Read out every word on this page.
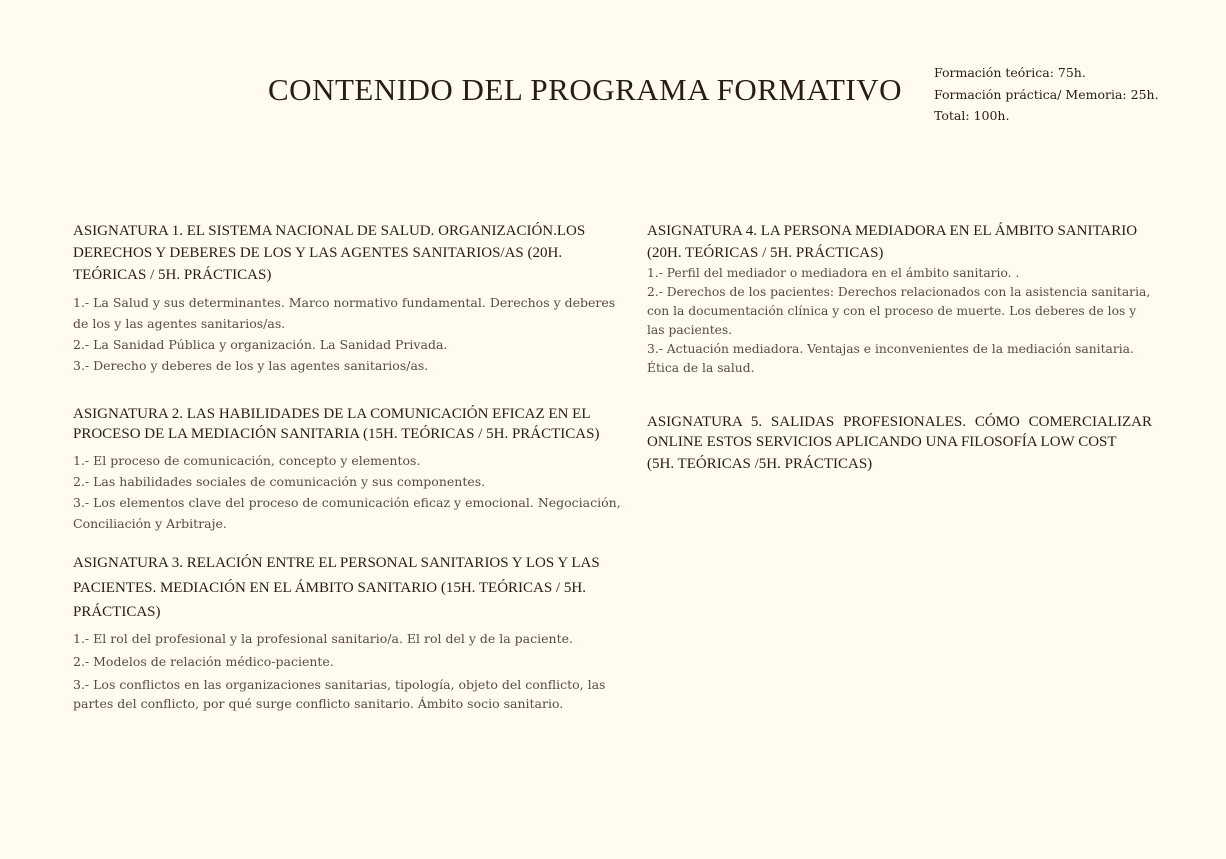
CONTENIDO DEL PROGRAMA FORMATIVO	Formación teórica: 75h.
Formación práctica/ Memoria: 25h.
Total: 100h.

ASIGNATURA 1. EL SISTEMA NACIONAL DE SALUD. ORGANIZACIÓN.LOS DERECHOS Y DEBERES DE LOS Y LAS AGENTES SANITARIOS/AS (20H. TEÓRICAS / 5H. PRÁCTICAS)

1.- La Salud y sus determinantes. Marco normativo fundamental. Derechos y deberes de los y las agentes sanitarios/as.

2.- La Sanidad Pública y organización. La Sanidad Privada.

3.- Derecho y deberes de los y las agentes sanitarios/as.

ASIGNATURA 2. LAS HABILIDADES DE LA COMUNICACIÓN EFICAZ EN EL PROCESO DE LA MEDIACIÓN SANITARIA (15H. TEÓRICAS / 5H. PRÁCTICAS)

1.- El proceso de comunicación, concepto y elementos.

2.- Las habilidades sociales de comunicación y sus componentes.

3.- Los elementos clave del proceso de comunicación eficaz y emocional. Negociación, Conciliación y Arbitraje.

ASIGNATURA 3. RELACIÓN ENTRE EL PERSONAL SANITARIOS Y LOS Y LAS PACIENTES. MEDIACIÓN EN EL ÁMBITO SANITARIO (15H. TEÓRICAS / 5H. PRÁCTICAS)

1.- El rol del profesional y la profesional sanitario/a. El rol del y de la paciente.

2.- Modelos de relación médico-paciente.

3.- Los conflictos en las organizaciones sanitarias, tipología, objeto del conflicto, las partes del conflicto, por qué surge conflicto sanitario. Ámbito socio sanitario.

ASIGNATURA 4. LA PERSONA MEDIADORA EN EL ÁMBITO SANITARIO (20H. TEÓRICAS / 5H. PRÁCTICAS)

1.- Perfil del mediador o mediadora en el ámbito sanitario. .

2.- Derechos de los pacientes: Derechos relacionados con la asistencia sanitaria, con la documentación clínica y con el proceso de muerte. Los deberes de los y las pacientes.

3.- Actuación mediadora. Ventajas e inconvenientes de la mediación sanitaria. Ética de la salud.

ASIGNATURA 5. SALIDAS PROFESIONALES. CÓMO COMERCIALIZAR ONLINE ESTOS SERVICIOS APLICANDO UNA FILOSOFÍA LOW COST

(5H. TEÓRICAS /5H. PRÁCTICAS)
